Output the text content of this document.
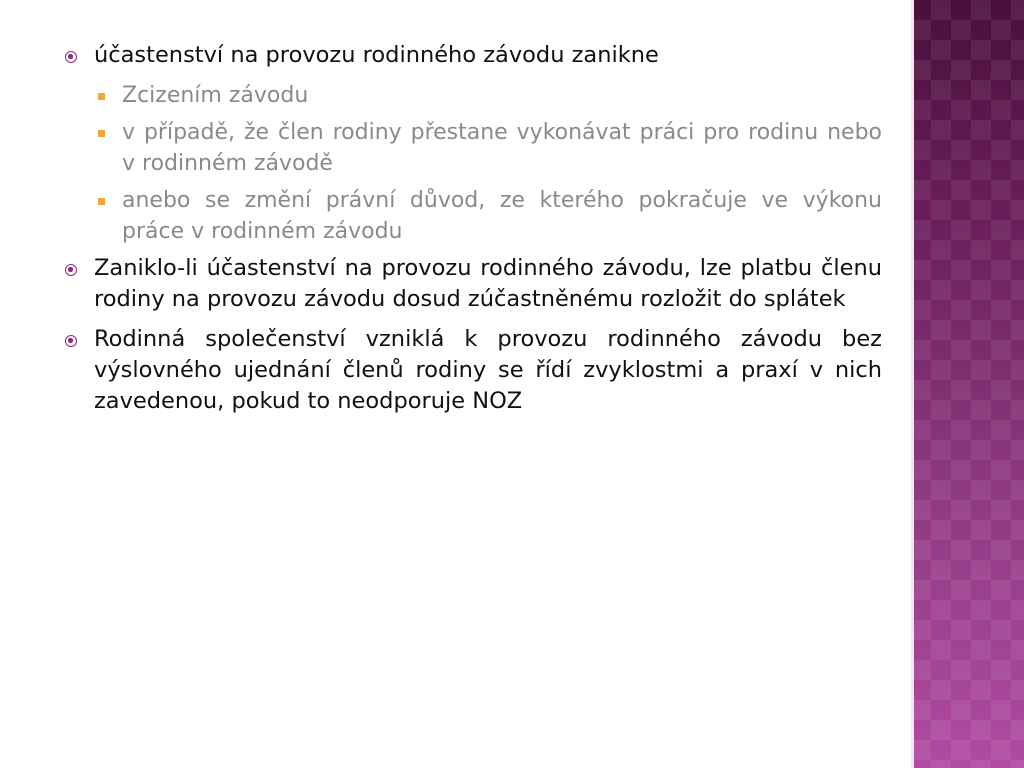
účastenství na provozu rodinného závodu zanikne
Zcizením závodu
v případě, že člen rodiny přestane vykonávat práci pro rodinu nebo v rodinném závodě
anebo se změní právní důvod, ze kterého pokračuje ve výkonu práce v rodinném závodu
Zaniklo-li účastenství na provozu rodinného závodu, lze platbu členu rodiny na provozu závodu dosud zúčastněnému rozložit do splátek
Rodinná společenství vzniklá k provozu rodinného závodu bez výslovného ujednání členů rodiny se řídí zvyklostmi a praxí v nich zavedenou, pokud to neodporuje NOZ
